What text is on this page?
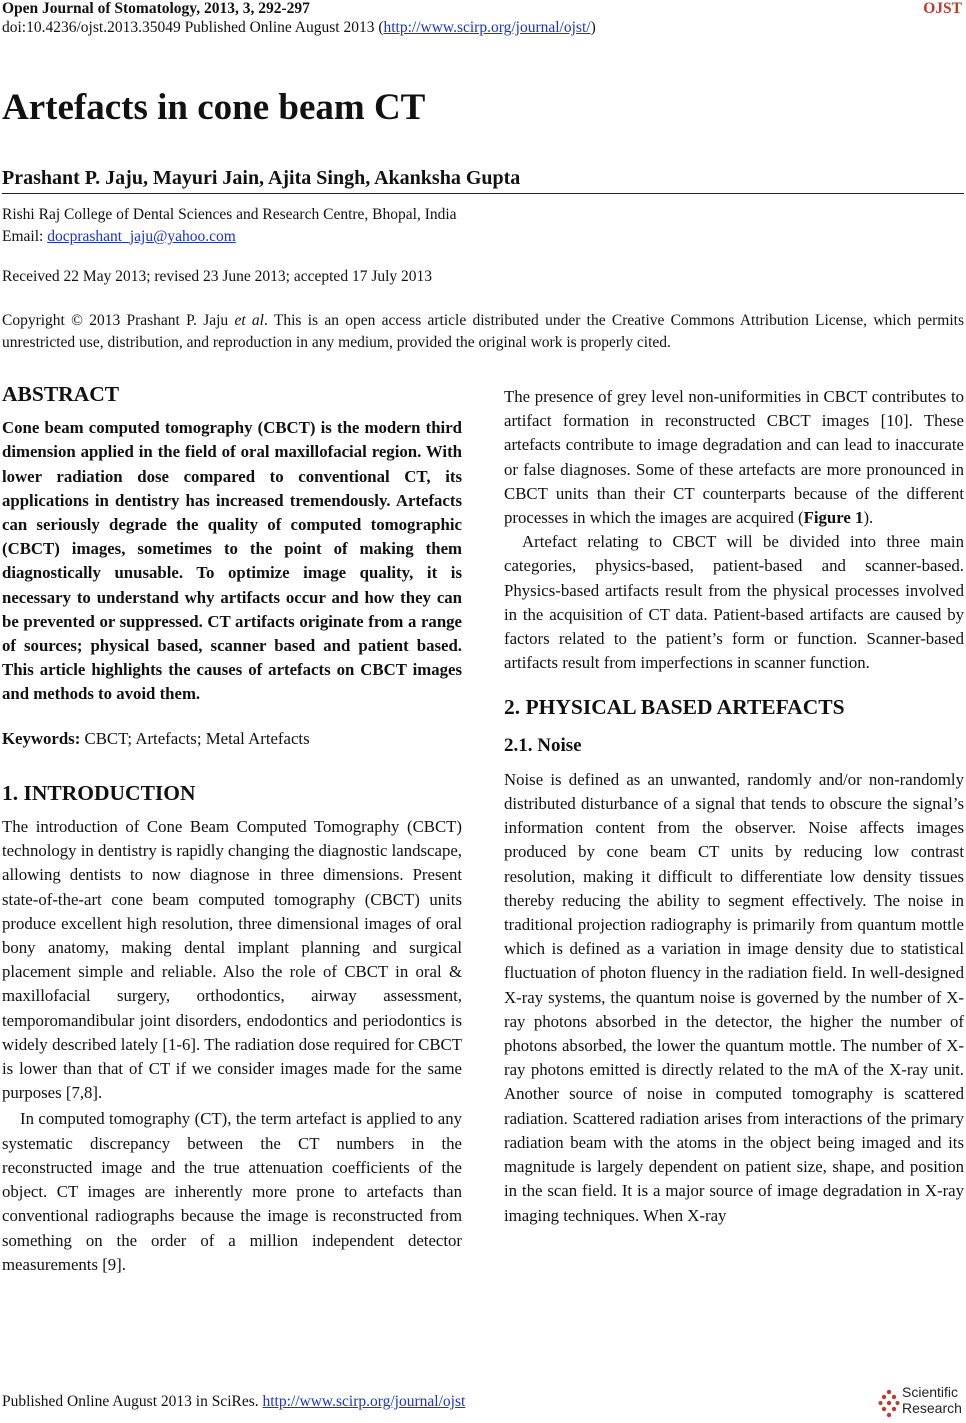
Open Journal of Stomatology, 2013, 3, 292-297	OJST
doi:10.4236/ojst.2013.35049 Published Online August 2013 (http://www.scirp.org/journal/ojst/)
Artefacts in cone beam CT
Prashant P. Jaju, Mayuri Jain, Ajita Singh, Akanksha Gupta
Rishi Raj College of Dental Sciences and Research Centre, Bhopal, India
Email: docprashant_jaju@yahoo.com
Received 22 May 2013; revised 23 June 2013; accepted 17 July 2013
Copyright © 2013 Prashant P. Jaju et al. This is an open access article distributed under the Creative Commons Attribution License, which permits unrestricted use, distribution, and reproduction in any medium, provided the original work is properly cited.
ABSTRACT

Cone beam computed tomography (CBCT) is the modern third dimension applied in the field of oral maxillofacial region. With lower radiation dose compared to conventional CT, its applications in dentistry has increased tremendously. Artefacts can seriously degrade the quality of computed tomographic (CBCT) images, sometimes to the point of making them diagnostically unusable. To optimize image quality, it is necessary to understand why artifacts occur and how they can be prevented or suppressed. CT artifacts originate from a range of sources; physical based, scanner based and patient based. This article highlights the causes of artefacts on CBCT images and methods to avoid them.

Keywords: CBCT; Artefacts; Metal Artefacts

1. INTRODUCTION

The introduction of Cone Beam Computed Tomography (CBCT) technology in dentistry is rapidly changing the diagnostic landscape, allowing dentists to now diagnose in three dimensions. Present state-of-the-art cone beam computed tomography (CBCT) units produce excellent high resolution, three dimensional images of oral bony anatomy, making dental implant planning and surgical placement simple and reliable. Also the role of CBCT in oral & maxillofacial surgery, orthodontics, airway assessment, temporomandibular joint disorders, endodontics and periodontics is widely described lately [1-6]. The radiation dose required for CBCT is lower than that of CT if we consider images made for the same purposes [7,8].

In computed tomography (CT), the term artefact is applied to any systematic discrepancy between the CT numbers in the reconstructed image and the true attenuation coefficients of the object. CT images are inherently more prone to artefacts than conventional radiographs because the image is reconstructed from something on the order of a million independent detector measurements [9].

The presence of grey level non-uniformities in CBCT contributes to artifact formation in reconstructed CBCT images [10]. These artefacts contribute to image degradation and can lead to inaccurate or false diagnoses. Some of these artefacts are more pronounced in CBCT units than their CT counterparts because of the different processes in which the images are acquired (Figure 1).

Artefact relating to CBCT will be divided into three main categories, physics-based, patient-based and scanner-based. Physics-based artifacts result from the physical processes involved in the acquisition of CT data. Patient-based artifacts are caused by factors related to the patient’s form or function. Scanner-based artifacts result from imperfections in scanner function.

2. PHYSICAL BASED ARTEFACTS
2.1. Noise

Noise is defined as an unwanted, randomly and/or non-randomly distributed disturbance of a signal that tends to obscure the signal’s information content from the observer. Noise affects images produced by cone beam CT units by reducing low contrast resolution, making it difficult to differentiate low density tissues thereby reducing the ability to segment effectively. The noise in traditional projection radiography is primarily from quantum mottle which is defined as a variation in image density due to statistical fluctuation of photon fluency in the radiation field. In well-designed X-ray systems, the quantum noise is governed by the number of X-ray photons absorbed in the detector, the higher the number of photons absorbed, the lower the quantum mottle. The number of X-ray photons emitted is directly related to the mA of the X-ray unit. Another source of noise in computed tomography is scattered radiation. Scattered radiation arises from interactions of the primary radiation beam with the atoms in the object being imaged and its magnitude is largely dependent on patient size, shape, and position in the scan field. It is a major source of image degradation in X-ray imaging techniques. When X-ray

Published Online August 2013 in SciRes. http://www.scirp.org/journal/ojst
Scientific
Research
